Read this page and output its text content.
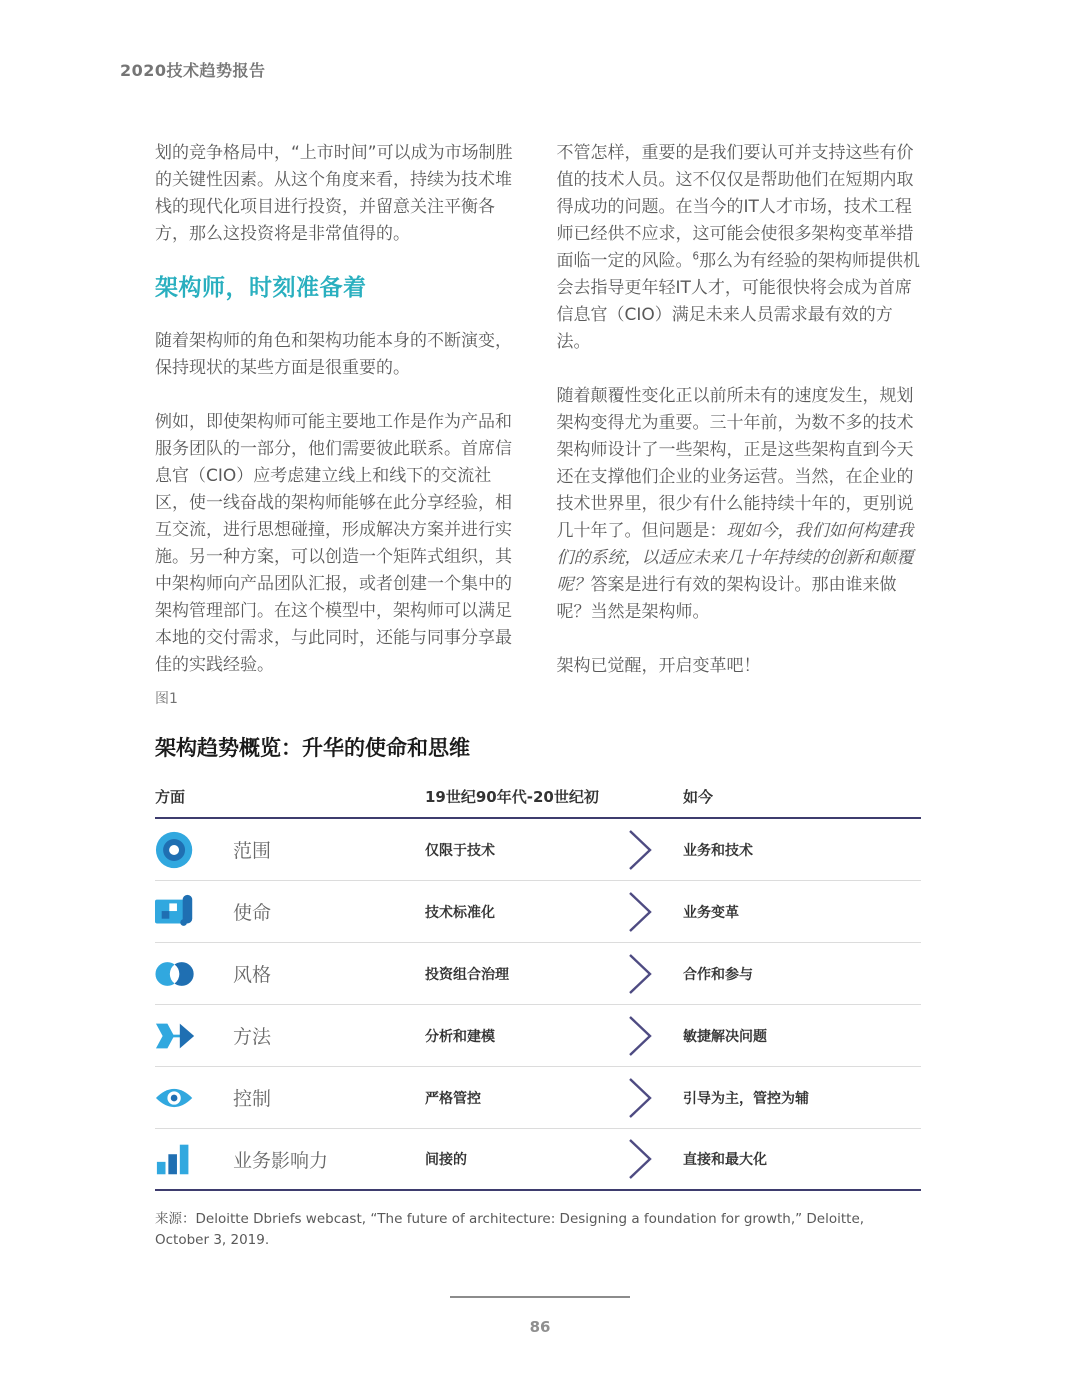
2020技术趋势报告

划的竞争格局中，“上市时间”可以成为市场制胜的关键性因素。从这个角度来看，持续为技术堆栈的现代化项目进行投资，并留意关注平衡各方，那么这投资将是非常值得的。

架构师，时刻准备着

随着架构师的角色和架构功能本身的不断演变，保持现状的某些方面是很重要的。

例如，即使架构师可能主要地工作是作为产品和服务团队的一部分，他们需要彼此联系。首席信息官（CIO）应考虑建立线上和线下的交流社区，使一线奋战的架构师能够在此分享经验，相互交流，进行思想碰撞，形成解决方案并进行实施。另一种方案，可以创造一个矩阵式组织，其中架构师向产品团队汇报，或者创建一个集中的架构管理部门。在这个模型中，架构师可以满足本地的交付需求，与此同时，还能与同事分享最佳的实践经验。

不管怎样，重要的是我们要认可并支持这些有价值的技术人员。这不仅仅是帮助他们在短期内取得成功的问题。在当今的IT人才市场，技术工程师已经供不应求，这可能会使很多架构变革举措面临一定的风险。$^6$那么为有经验的架构师提供机会去指导更年轻IT人才，可能很快将会成为首席信息官（CIO）满足未来人员需求最有效的方法。

随着颠覆性变化正以前所未有的速度发生，规划架构变得尤为重要。三十年前，为数不多的技术架构师设计了一些架构，正是这些架构直到今天还在支撑他们企业的业务运营。当然，在企业的技术世界里，很少有什么能持续十年的，更别说几十年了。但问题是：现如今，我们如何构建我们的系统，以适应未来几十年持续的创新和颠覆呢？答案是进行有效的架构设计。那由谁来做呢？当然是架构师。

架构已觉醒，开启变革吧！

图1
架构趋势概览：升华的使命和思维
方面	19世纪90年代-20世纪初	如今
范围	仅限于技术	业务和技术
使命	技术标准化	业务变革
风格	投资组合治理	合作和参与
方法	分析和建模	敏捷解决问题
控制	严格管控	引导为主，管控为辅
业务影响力	间接的	直接和最大化

来源：Deloitte Dbriefs webcast, “The future of architecture: Designing a foundation for growth,” Deloitte, October 3, 2019.

86
